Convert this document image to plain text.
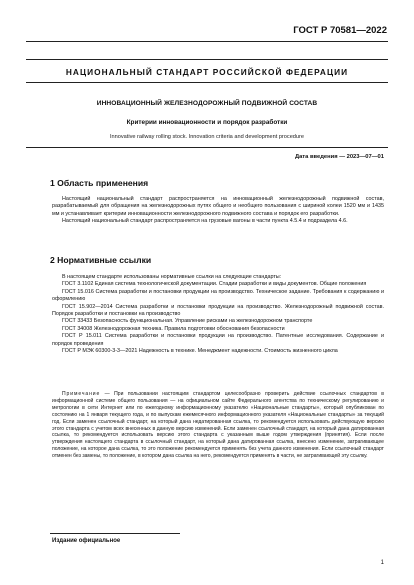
ГОСТ Р 70581—2022
НАЦИОНАЛЬНЫЙ СТАНДАРТ РОССИЙСКОЙ ФЕДЕРАЦИИ
ИННОВАЦИОННЫЙ ЖЕЛЕЗНОДОРОЖНЫЙ ПОДВИЖНОЙ СОСТАВ
Критерии инновационности и порядок разработки
Innovative railway rolling stock. Innovation criteria and development procedure
Дата введения — 2023—07—01
1 Область применения

Настоящий национальный стандарт распространяется на инновационный железнодорожный подвижной состав, разрабатываемый для обращения на железнодорожных путях общего и необщего пользования с шириной колеи 1520 мм и 1435 мм и устанавливает критерии инновационности железнодорожного подвижного состава и порядок его разработки.

Настоящий национальный стандарт распространяется на грузовые вагоны в части пункта 4.5.4 и подраздела 4.6.

2 Нормативные ссылки

В настоящем стандарте использованы нормативные ссылки на следующие стандарты:

ГОСТ 3.1102 Единая система технологической документации. Стадии разработки и виды документов. Общие положения

ГОСТ 15.016 Система разработки и постановки продукции на производство. Техническое задание. Требования к содержанию и оформлению

ГОСТ 15.902—2014 Система разработки и постановки продукции на производство. Железнодорожный подвижной состав. Порядок разработки и постановки на производство

ГОСТ 33433 Безопасность функциональная. Управление рисками на железнодорожном транспорте

ГОСТ 34008 Железнодорожная техника. Правила подготовки обоснования безопасности

ГОСТ Р 15.011 Система разработки и постановки продукции на производство. Патентные исследования. Содержание и порядок проведения

ГОСТ Р МЭК 60300-3-3—2021 Надежность в технике. Менеджмент надежности. Стоимость жизненного цикла

Примечание — При пользовании настоящим стандартом целесообразно проверить действие ссылочных стандартов в информационной системе общего пользования — на официальном сайте Федерального агентства по техническому регулированию и метрологии в сети Интернет или по ежегодному информационному указателю «Национальные стандарты», который опубликован по состоянию на 1 января текущего года, и по выпускам ежемесячного информационного указателя «Национальные стандарты» за текущий год. Если заменен ссылочный стандарт, на который дана недатированная ссылка, то рекомендуется использовать действующую версию этого стандарта с учетом всех внесенных в данную версию изменений. Если заменен ссылочный стандарт, на который дана датированная ссылка, то рекомендуется использовать версию этого стандарта с указанным выше годом утверждения (принятия). Если после утверждения настоящего стандарта в ссылочный стандарт, на который дана датированная ссылка, внесено изменение, затрагивающее положение, на которое дана ссылка, то это положение рекомендуется применять без учета данного изменения. Если ссылочный стандарт отменен без замены, то положение, в котором дана ссылка на него, рекомендуется применять в части, не затрагивающей эту ссылку.

Издание официальное
1
